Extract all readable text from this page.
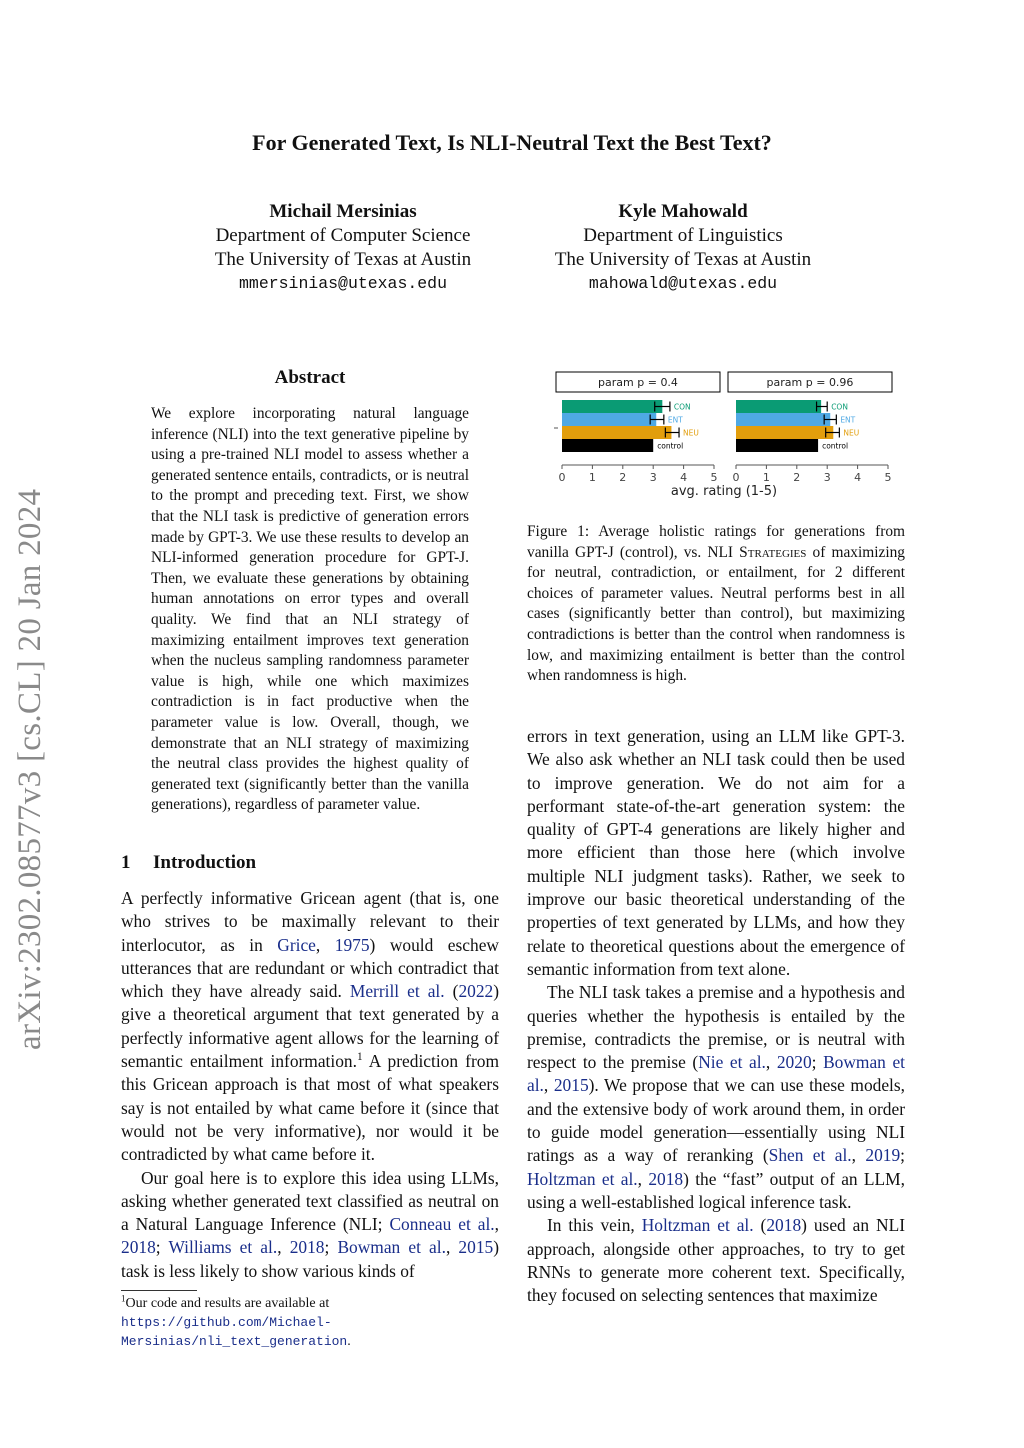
For Generated Text, Is NLI-Neutral Text the Best Text?
Michail Mersinias
Department of Computer Science
The University of Texas at Austin
mmersinias@utexas.edu
Kyle Mahowald
Department of Linguistics
The University of Texas at Austin
mahowald@utexas.edu
arXiv:2302.08577v3 [cs.CL] 20 Jan 2024
Abstract
We explore incorporating natural language inference (NLI) into the text generative pipeline by using a pre-trained NLI model to assess whether a generated sentence entails, contradicts, or is neutral to the prompt and preceding text. First, we show that the NLI task is predictive of generation errors made by GPT-3. We use these results to develop an NLI-informed generation procedure for GPT-J. Then, we evaluate these generations by obtaining human annotations on error types and overall quality. We find that an NLI strategy of maximizing entailment improves text generation when the nucleus sampling randomness parameter value is high, while one which maximizes contradiction is in fact productive when the parameter value is low. Overall, though, we demonstrate that an NLI strategy of maximizing the neutral class provides the highest quality of generated text (significantly better than the vanilla generations), regardless of parameter value.
1 Introduction

A perfectly informative Gricean agent (that is, one who strives to be maximally relevant to their interlocutor, as in Grice, 1975) would eschew utterances that are redundant or which contradict that which they have already said. Merrill et al. (2022) give a theoretical argument that text generated by a perfectly informative agent allows for the learning of semantic entailment information.$^1$ A prediction from this Gricean approach is that most of what speakers say is not entailed by what came before it (since that would not be very informative), nor would it be contradicted by what came before it.

Our goal here is to explore this idea using LLMs, asking whether generated text classified as neutral on a Natural Language Inference (NLI; Conneau et al., 2018; Williams et al., 2018; Bowman et al., 2015) task is less likely to show various kinds of

$^1$Our code and results are available at https://github.com/Michael-Mersinias/nli_text_generation.
param p = 0.4
0 1 2 3 4 5
CON
ENT
NEU
control
param p = 0.96
0 1 2 3 4 5
CON
ENT
NEU
control
avg. rating (1-5)
Figure 1: Average holistic ratings for generations from vanilla GPT-J (control), vs. NLI Strategies of maximizing for neutral, contradiction, or entailment, for 2 different choices of parameter values. Neutral performs best in all cases (significantly better than control), but maximizing contradictions is better than the control when randomness is low, and maximizing entailment is better than the control when randomness is high.

errors in text generation, using an LLM like GPT-3. We also ask whether an NLI task could then be used to improve generation. We do not aim for a performant state-of-the-art generation system: the quality of GPT-4 generations are likely higher and more efficient than those here (which involve multiple NLI judgment tasks). Rather, we seek to improve our basic theoretical understanding of the properties of text generated by LLMs, and how they relate to theoretical questions about the emergence of semantic information from text alone.

The NLI task takes a premise and a hypothesis and queries whether the hypothesis is entailed by the premise, contradicts the premise, or is neutral with respect to the premise (Nie et al., 2020; Bowman et al., 2015). We propose that we can use these models, and the extensive body of work around them, in order to guide model generation—essentially using NLI ratings as a way of reranking (Shen et al., 2019; Holtzman et al., 2018) the “fast” output of an LLM, using a well-established logical inference task.

In this vein, Holtzman et al. (2018) used an NLI approach, alongside other approaches, to try to get RNNs to generate more coherent text. Specifically, they focused on selecting sentences that maximize
